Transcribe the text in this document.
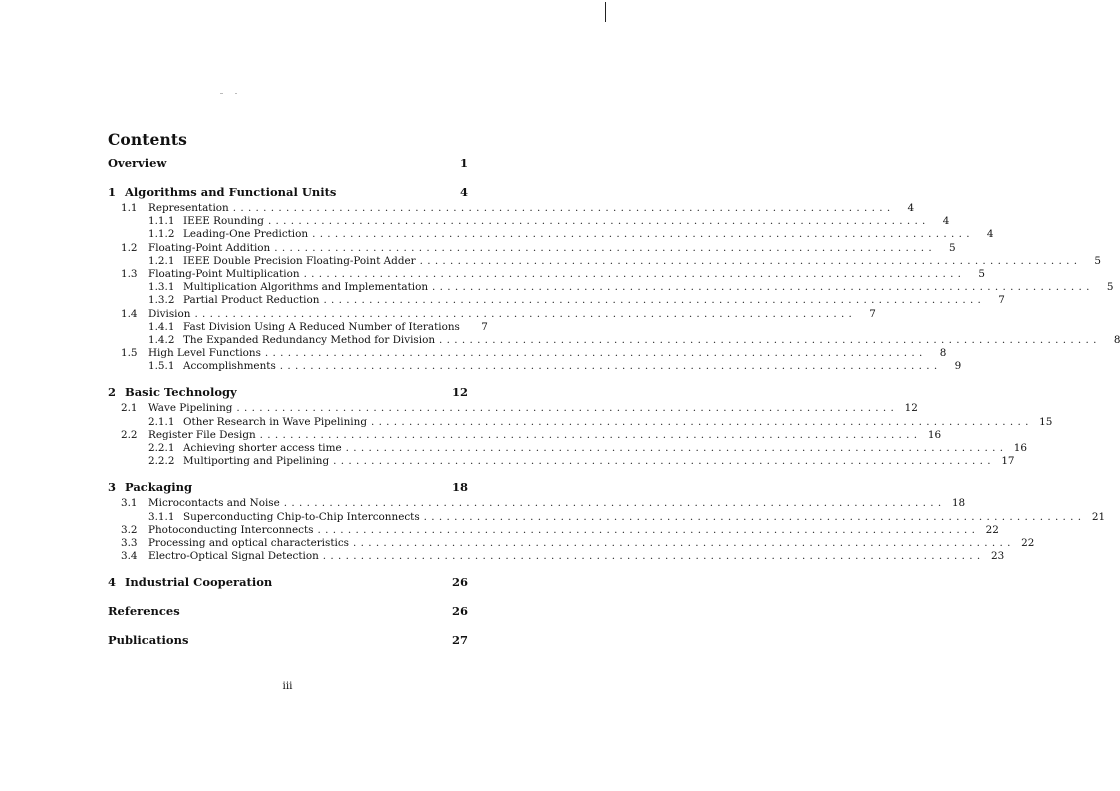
Contents
Overview	1
1 Algorithms and Functional Units	4
1.1 Representation . . .	4
1.1.1 IEEE Rounding . . .	4
1.1.2 Leading-One Prediction . . .	4
1.2 Floating-Point Addition . . .	5
1.2.1 IEEE Double Precision Floating-Point Adder . . .	5
1.3 Floating-Point Multiplication . . .	5
1.3.1 Multiplication Algorithms and Implementation . . .	5
1.3.2 Partial Product Reduction . . .	7
1.4 Division . . .	7
1.4.1 Fast Division Using A Reduced Number of Iterations	7
1.4.2 The Expanded Redundancy Method for Division . . .	8
1.5 High Level Functions . . .	8
1.5.1 Accomplishments . . .	9
2 Basic Technology	12
2.1 Wave Pipelining . . .	12
2.1.1 Other Research in Wave Pipelining . . .	15
2.2 Register File Design . . .	16
2.2.1 Achieving shorter access time . . .	16
2.2.2 Multiporting and Pipelining . . .	17
3 Packaging	18
3.1 Microcontacts and Noise . . .	18
3.1.1 Superconducting Chip-to-Chip Interconnects . . .	21
3.2 Photoconducting Interconnects . . .	22
3.3 Processing and optical characteristics . . .	22
3.4 Electro-Optical Signal Detection . . .	23
4 Industrial Cooperation	26
References	26
Publications	27
iii
